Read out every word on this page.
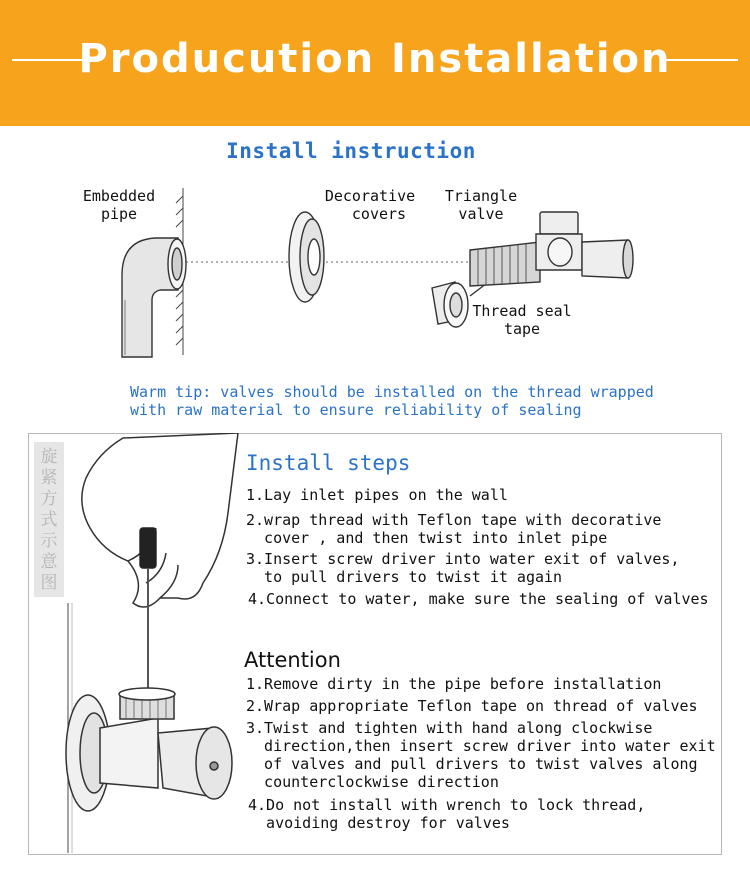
Producution Installation
Install instruction
Embedded
pipe
Decorative
covers
Triangle
valve
Thread seal
tape
Warm tip: valves should be installed on the thread wrapped
with raw material to ensure reliability of sealing
旋
紧
方
式
示
意
图
Install steps
1.Lay inlet pipes on the wall
2.wrap thread with Teflon tape with decorative
cover , and then twist into inlet pipe
3.Insert screw driver into water exit of valves,
to pull drivers to twist it again
4.Connect to water, make sure the sealing of valves
Attention
1.Remove dirty in the pipe before installation
2.Wrap appropriate Teflon tape on thread of valves
3.Twist and tighten with hand along clockwise
direction,then insert screw driver into water exit
of valves and pull drivers to twist valves along
counterclockwise direction
4.Do not install with wrench to lock thread,
avoiding destroy for valves
